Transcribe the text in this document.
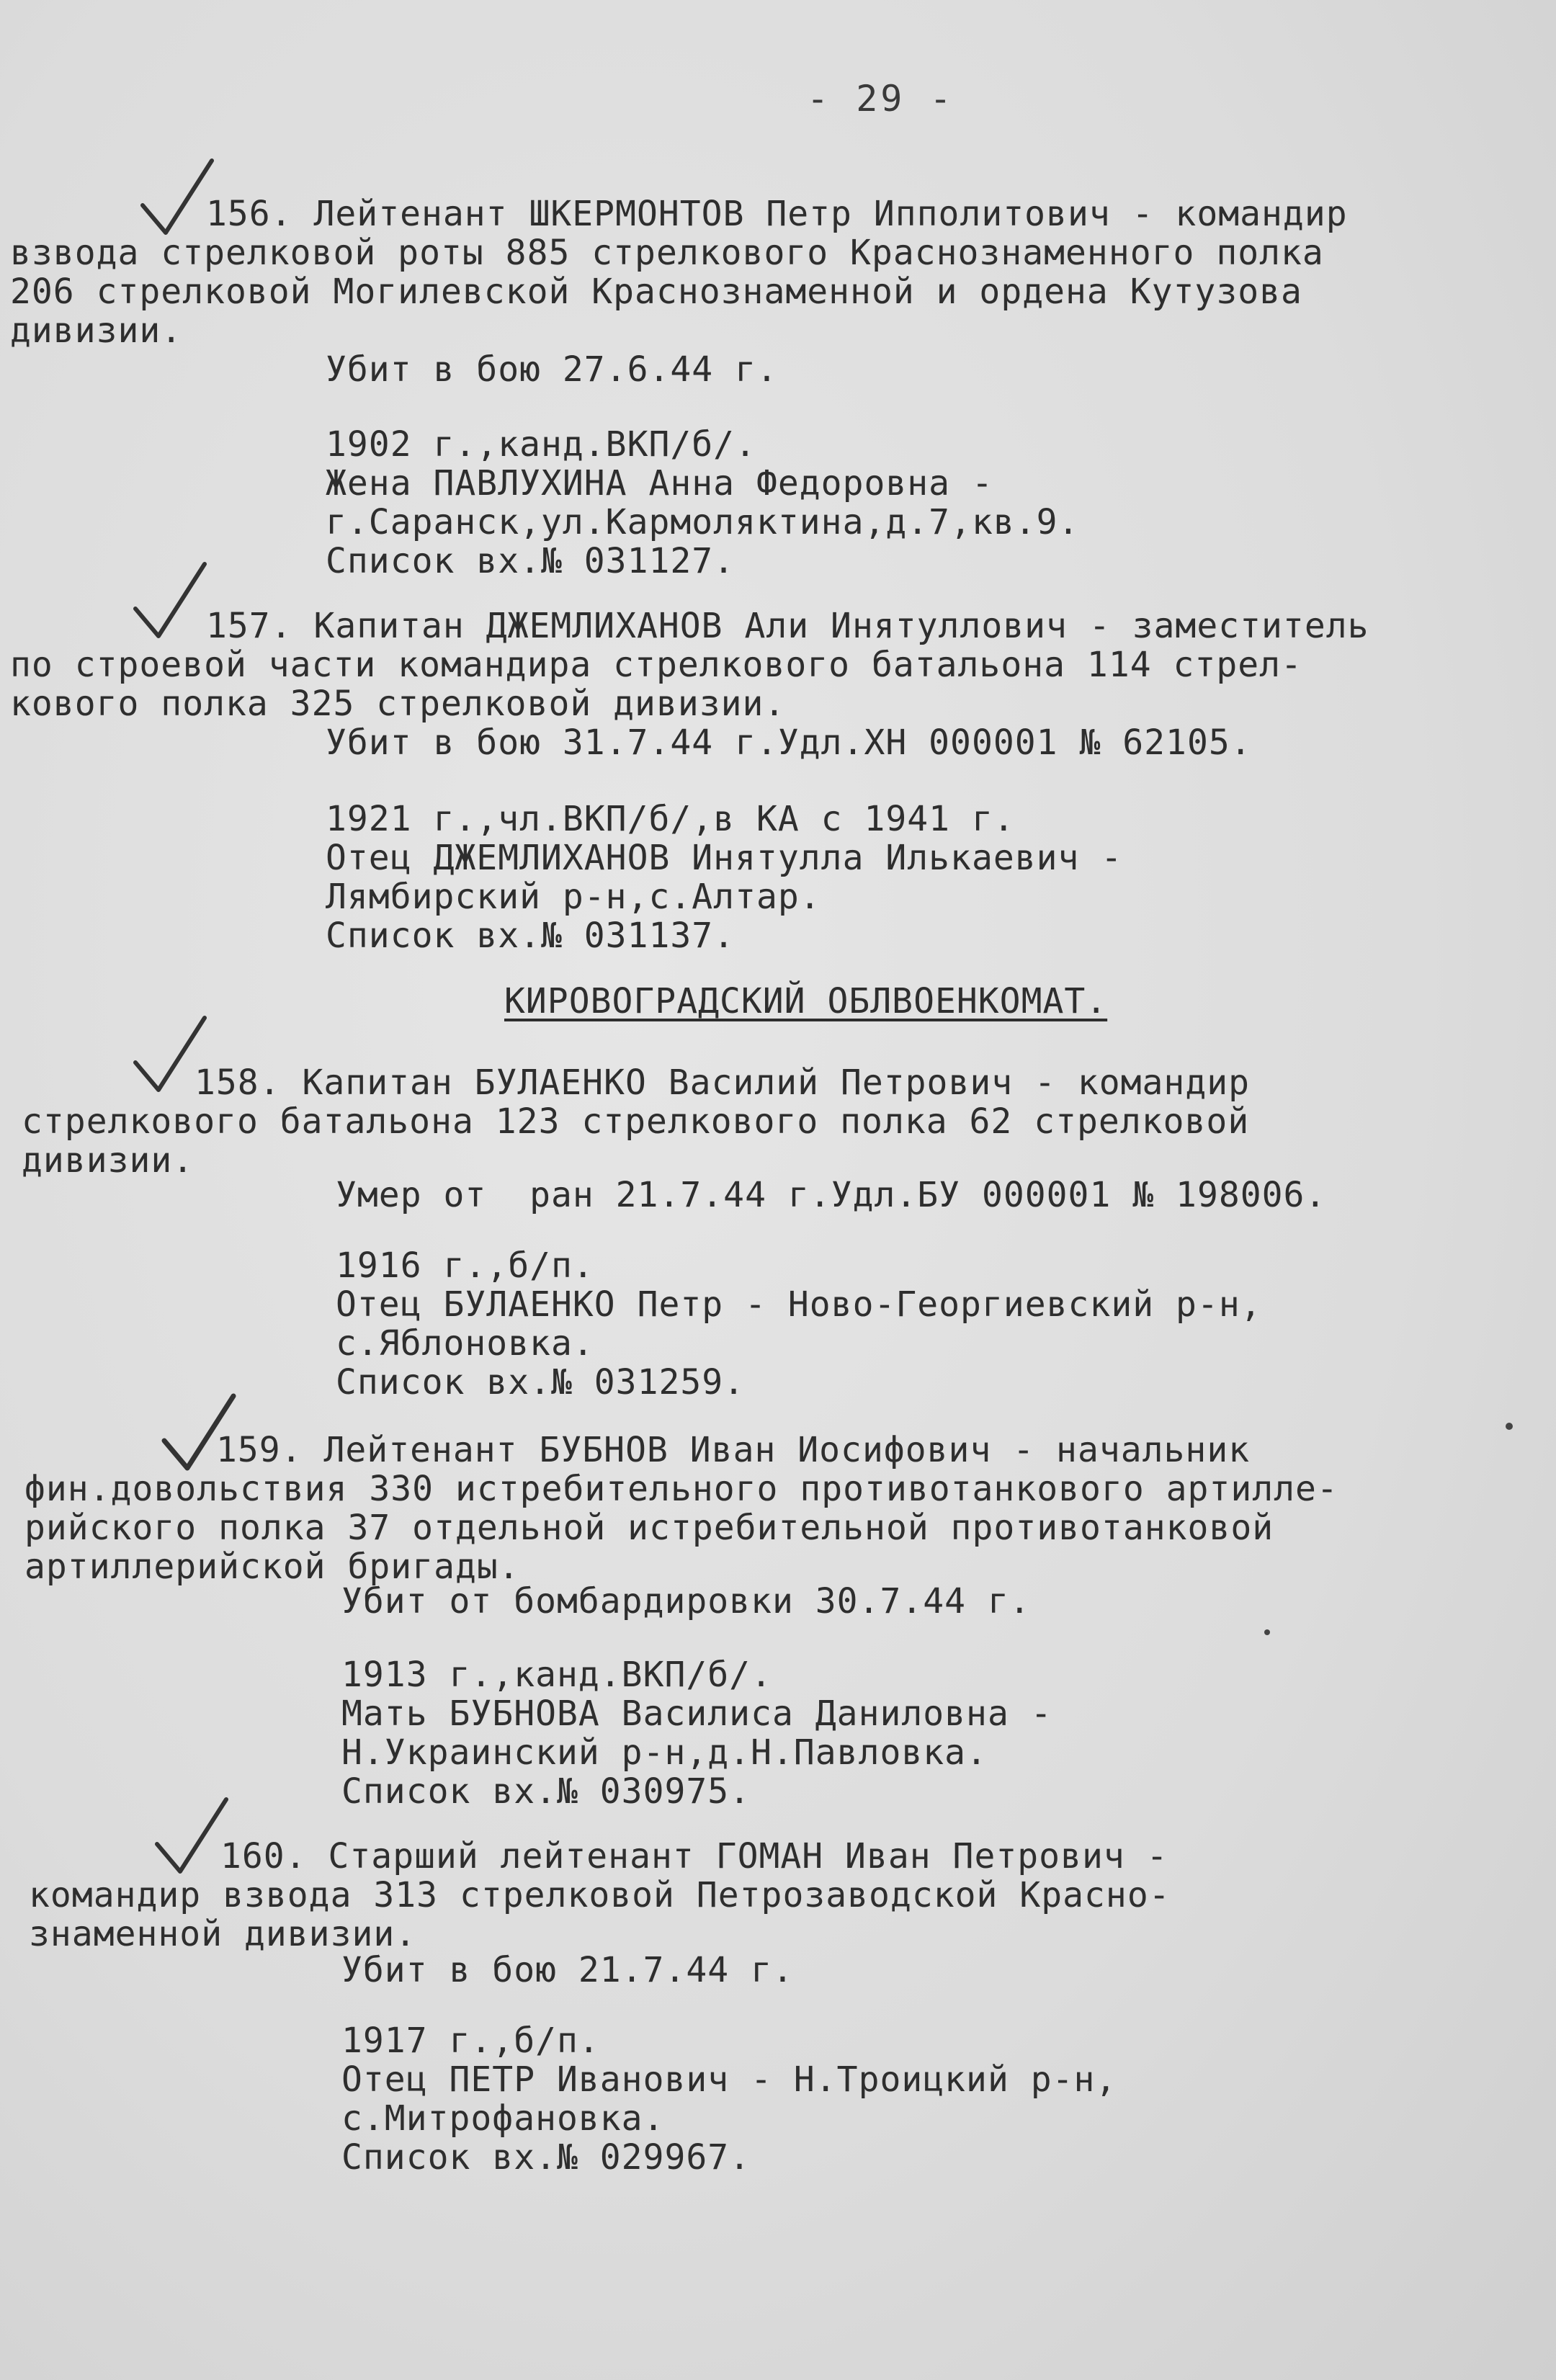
- 29 -
156. Лейтенант ШКЕРМОНТОВ Петр Ипполитович - командир
взвода стрелковой роты 885 стрелкового Краснознаменного полка
206 стрелковой Могилевской Краснознаменной и ордена Кутузова
дивизии.
Убит в бою 27.6.44 г.
1902 г.,канд.ВКП/б/.
Жена ПАВЛУХИНА Анна Федоровна -
г.Саранск,ул.Кармоляктина,д.7,кв.9.
Список вх.№ 031127.
157. Капитан ДЖЕМЛИХАНОВ Али Инятуллович - заместитель
по строевой части командира стрелкового батальона 114 стрел-
кового полка 325 стрелковой дивизии.
Убит в бою 31.7.44 г.Удл.ХН 000001 № 62105.
1921 г.,чл.ВКП/б/,в КА с 1941 г.
Отец ДЖЕМЛИХАНОВ Инятулла Илькаевич -
Лямбирский р-н,с.Алтар.
Список вх.№ 031137.
КИРОВОГРАДСКИЙ ОБЛВОЕНКОМАТ.
158. Капитан БУЛАЕНКО Василий Петрович - командир
стрелкового батальона 123 стрелкового полка 62 стрелковой
дивизии.
Умер от  ран 21.7.44 г.Удл.БУ 000001 № 198006.
1916 г.,б/п.
Отец БУЛАЕНКО Петр - Ново-Георгиевский р-н,
с.Яблоновка.
Список вх.№ 031259.
159. Лейтенант БУБНОВ Иван Иосифович - начальник
фин.довольствия 330 истребительного противотанкового артилле-
рийского полка 37 отдельной истребительной противотанковой
артиллерийской бригады.
Убит от бомбардировки 30.7.44 г.
1913 г.,канд.ВКП/б/.
Мать БУБНОВА Василиса Даниловна -
Н.Украинский р-н,д.Н.Павловка.
Список вх.№ 030975.
160. Старший лейтенант ГОМАН Иван Петрович -
командир взвода 313 стрелковой Петрозаводской Красно-
знаменной дивизии.
Убит в бою 21.7.44 г.
1917 г.,б/п.
Отец ПЕТР Иванович - Н.Троицкий р-н,
с.Митрофановка.
Список вх.№ 029967.
